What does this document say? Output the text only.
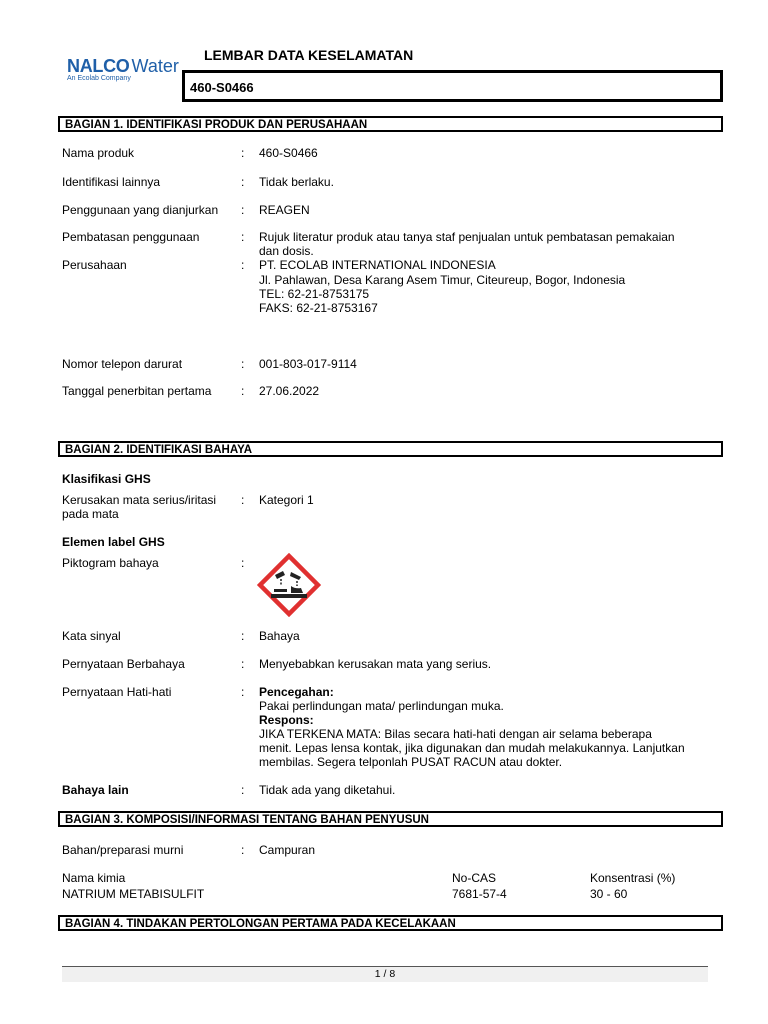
NALCO Water
An Ecolab Company
LEMBAR DATA KESELAMATAN
460-S0466
BAGIAN 1. IDENTIFIKASI PRODUK DAN PERUSAHAAN
Nama produk	: 460-S0466
Identifikasi lainnya	: Tidak berlaku.
Penggunaan yang dianjurkan	: REAGEN
Pembatasan penggunaan	: Rujuk literatur produk atau tanya staf penjualan untuk pembatasan pemakaian
dan dosis.
Perusahaan	: PT. ECOLAB INTERNATIONAL INDONESIA
Jl. Pahlawan, Desa Karang Asem Timur, Citeureup, Bogor, Indonesia
TEL: 62-21-8753175
FAKS: 62-21-8753167
Nomor telepon darurat	: 001-803-017-9114
Tanggal penerbitan pertama	: 27.06.2022
BAGIAN 2. IDENTIFIKASI BAHAYA
Klasifikasi GHS
Kerusakan mata serius/iritasi
pada mata
: Kategori 1
Elemen label GHS
Piktogram bahaya	:
Kata sinyal	: Bahaya
Pernyataan Berbahaya	: Menyebabkan kerusakan mata yang serius.
Pernyataan Hati-hati	: Pencegahan:
Pakai perlindungan mata/ perlindungan muka.
Respons:
JIKA TERKENA MATA: Bilas secara hati-hati dengan air selama beberapa
menit. Lepas lensa kontak, jika digunakan dan mudah melakukannya. Lanjutkan
membilas. Segera telponlah PUSAT RACUN atau dokter.
Bahaya lain	: Tidak ada yang diketahui.
BAGIAN 3. KOMPOSISI/INFORMASI TENTANG BAHAN PENYUSUN
Bahan/preparasi murni	: Campuran
Nama kimia	No-CAS	Konsentrasi (%)
NATRIUM METABISULFIT	7681-57-4	30 - 60
BAGIAN 4. TINDAKAN PERTOLONGAN PERTAMA PADA KECELAKAAN
1 / 8
